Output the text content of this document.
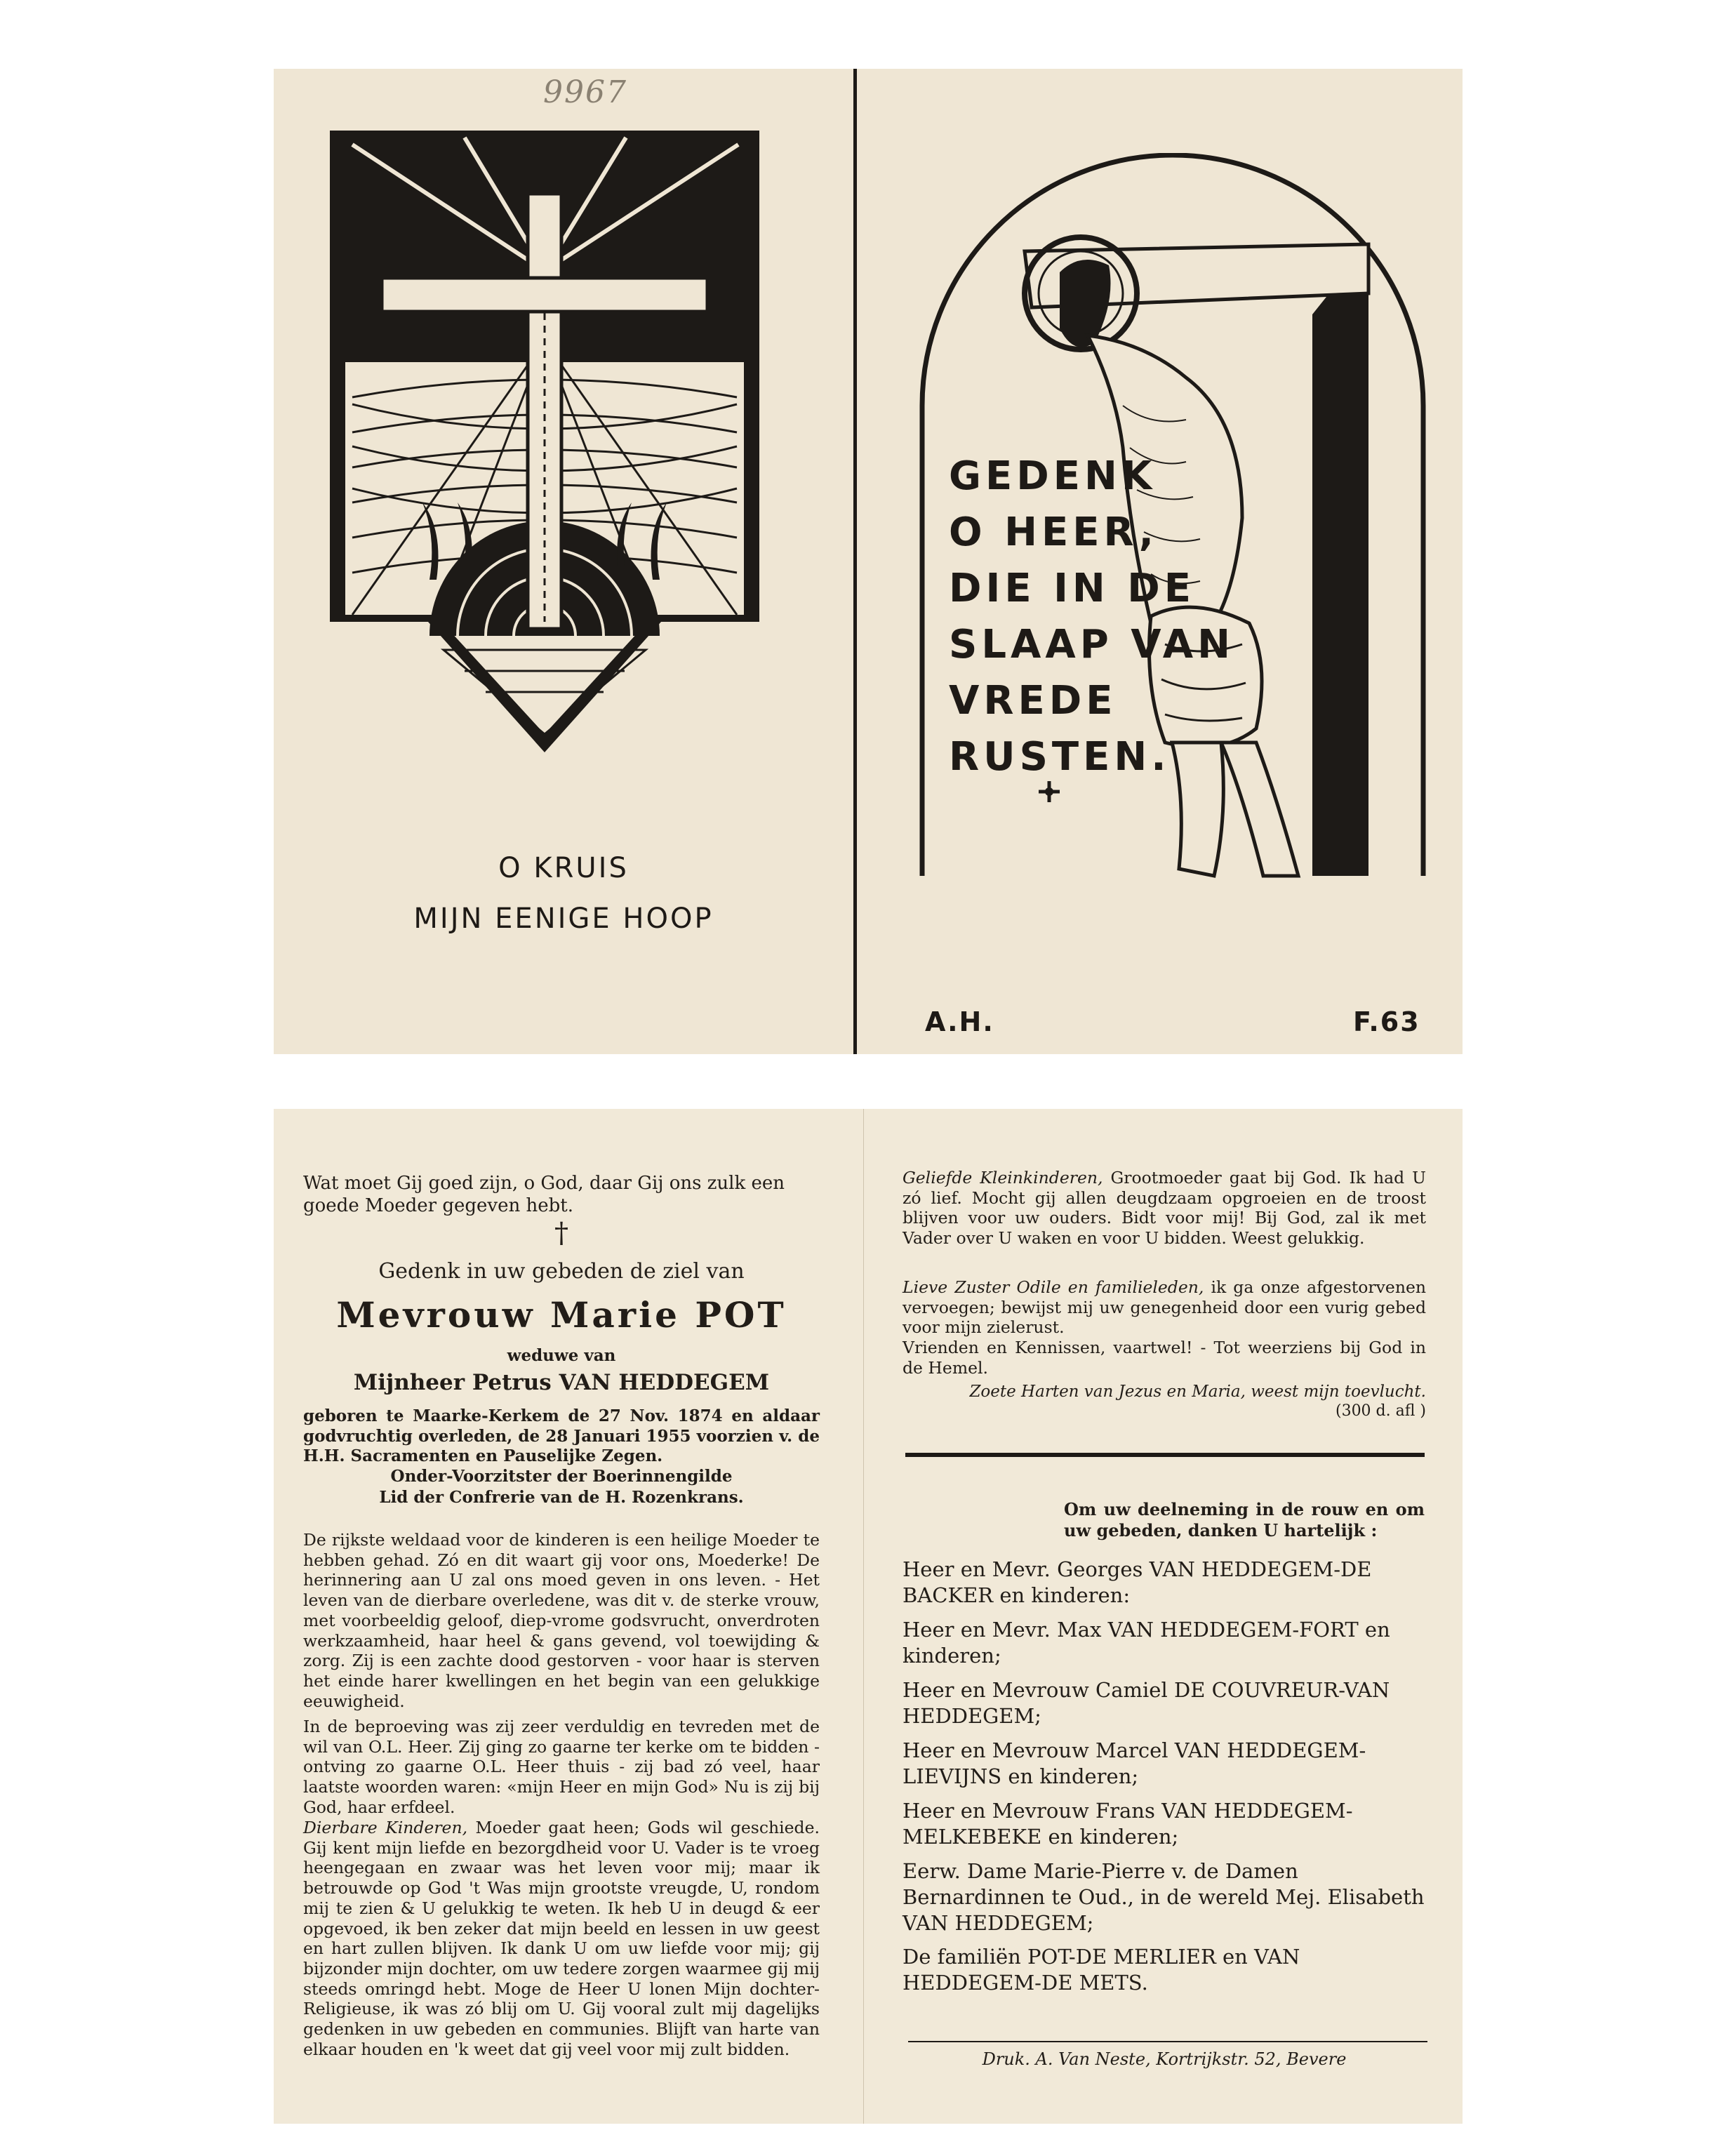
9967
O KRUIS
MIJN EENIGE HOOP
GEDENK
O HEER,
DIE IN DE
SLAAP VAN
VREDE
RUSTEN.
A.H.	F.63
Wat moet Gij goed zijn, o God, daar Gij ons zulk een goede Moeder gegeven hebt.
†
Gedenk in uw gebeden de ziel van
Mevrouw Marie POT
weduwe van
Mijnheer Petrus VAN HEDDEGEM
geboren te Maarke-Kerkem de 27 Nov. 1874 en aldaar godvruchtig overleden, de 28 Januari 1955 voorzien v. de H.H. Sacramenten en Pauselijke Zegen.
Onder-Voorzitster der Boerinnengilde
Lid der Confrerie van de H. Rozenkrans.
De rijkste weldaad voor de kinderen is een heilige Moeder te hebben gehad. Zó en dit waart gij voor ons, Moederke! De herinnering aan U zal ons moed geven in ons leven. - Het leven van de dierbare overledene, was dit v. de sterke vrouw, met voorbeeldig geloof, diep-vrome godsvrucht, onverdroten werkzaamheid, haar heel & gans gevend, vol toewijding & zorg. Zij is een zachte dood gestorven - voor haar is sterven het einde harer kwellingen en het begin van een gelukkige eeuwigheid.
In de beproeving was zij zeer verduldig en tevreden met de wil van O.L. Heer. Zij ging zo gaarne ter kerke om te bidden - ontving zo gaarne O.L. Heer thuis - zij bad zó veel, haar laatste woorden waren: «mijn Heer en mijn God» Nu is zij bij God, haar erfdeel.
Dierbare Kinderen, Moeder gaat heen; Gods wil geschiede. Gij kent mijn liefde en bezorgdheid voor U. Vader is te vroeg heengegaan en zwaar was het leven voor mij; maar ik betrouwde op God 't Was mijn grootste vreugde, U, rondom mij te zien & U gelukkig te weten. Ik heb U in deugd & eer opgevoed, ik ben zeker dat mijn beeld en lessen in uw geest en hart zullen blijven. Ik dank U om uw liefde voor mij; gij bijzonder mijn dochter, om uw tedere zorgen waarmee gij mij steeds omringd hebt. Moge de Heer U lonen Mijn dochter-Religieuse, ik was zó blij om U. Gij vooral zult mij dagelijks gedenken in uw gebeden en communies. Blijft van harte van elkaar houden en 'k weet dat gij veel voor mij zult bidden.
Geliefde Kleinkinderen, Grootmoeder gaat bij God. Ik had U zó lief. Mocht gij allen deugdzaam opgroeien en de troost blijven voor uw ouders. Bidt voor mij! Bij God, zal ik met Vader over U waken en voor U bidden. Weest gelukkig.
Lieve Zuster Odile en familieleden, ik ga onze afgestorvenen vervoegen; bewijst mij uw genegenheid door een vurig gebed voor mijn zielerust.
Vrienden en Kennissen, vaartwel! - Tot weerziens bij God in de Hemel.
Zoete Harten van Jezus en Maria, weest mijn toevlucht.
(300 d. afl )
Om uw deelneming in de rouw en om uw gebeden, danken U hartelijk :
Heer en Mevr. Georges VAN HEDDEGEM-DE BACKER en kinderen:
Heer en Mevr. Max VAN HEDDEGEM-FORT en kinderen;
Heer en Mevrouw Camiel DE COUVREUR-VAN HEDDEGEM;
Heer en Mevrouw Marcel VAN HEDDEGEM-LIEVIJNS en kinderen;
Heer en Mevrouw Frans VAN HEDDEGEM-MELKEBEKE en kinderen;
Eerw. Dame Marie-Pierre v. de Damen Bernardinnen te Oud., in de wereld Mej. Elisabeth VAN HEDDEGEM;
De familiën POT-DE MERLIER en VAN HEDDEGEM-DE METS.
Druk. A. Van Neste, Kortrijkstr. 52, Bevere
